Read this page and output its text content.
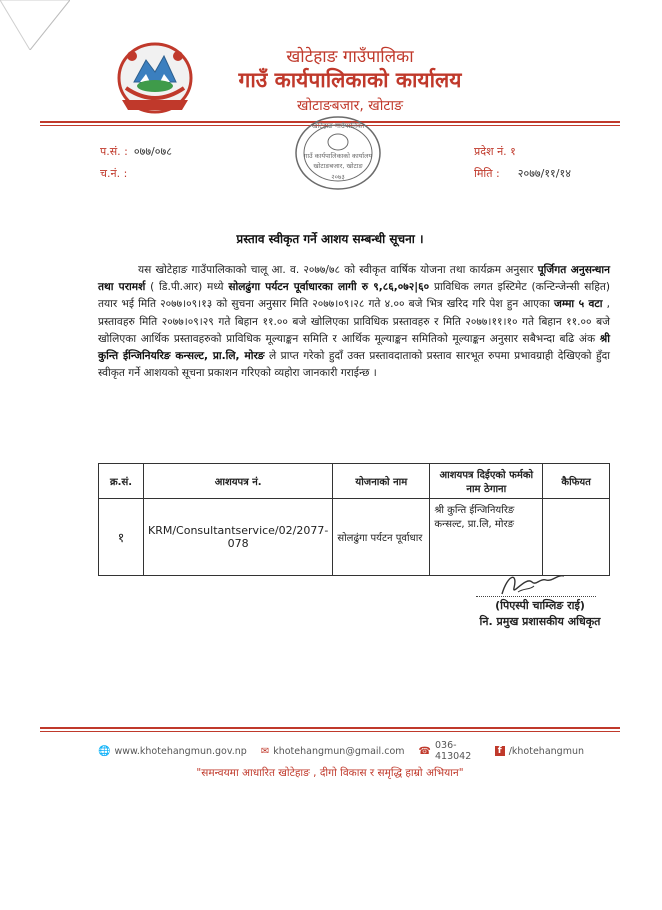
खोटेहाङ गाउँपालिका
गाउँ कार्यपालिकाको कार्यालय
खोटाङबजार, खोटाङ
प.सं. : ०७७/०७८
च.नं. :
प्रदेश नं. १
मिति : २०७७/११/१४
खोटेहाङ गाउँपालिका
गाउँ कार्यपालिकाको कार्यालय
खोटाङबजार, खोटाङ
२०७३
प्रस्ताव स्वीकृत गर्ने आशय सम्बन्धी सूचना ।
यस खोटेहाङ गाउँपालिकाको चालू आ. व. २०७७/७८ को स्वीकृत वार्षिक योजना तथा कार्यक्रम अनुसार पूर्जिगत अनुसन्धान तथा परामर्श ( डि.पी.आर) मध्ये सोलढुंगा पर्यटन पूर्वाधारका लागी रु ९,८६,०७२|६० प्राविधिक लगत इस्टिमेट (कन्टिन्जेन्सी सहित) तयार भई मिति २०७७।०९।१३ को सुचना अनुसार मिति २०७७।०९।२८ गते ४.०० बजे भित्र खरिद गरि पेश हुन आएका जम्मा ५ वटा , प्रस्तावहरु मिति २०७७।०९।२९ गते बिहान ११.०० बजे खोलिएका प्राविधिक प्रस्तावहरु र मिति २०७७।११।१० गते बिहान ११.०० बजे खोलिएका आर्थिक प्रस्तावहरुको प्राविधिक मूल्याङ्कन समिति र आर्थिक मूल्याङ्कन समितिको मूल्याङ्कन अनुसार सबैभन्दा बढि अंक श्री कुन्ति ईन्जिनियरिङ कन्सल्ट, प्रा.लि, मोरङ ले प्राप्त गरेको हुदाँ उक्त प्रस्तावदाताको प्रस्ताव सारभूत रुपमा प्रभावग्राही देखिएको हुँदा स्वीकृत गर्ने आशयको सूचना प्रकाशन गरिएको व्यहोरा जानकारी गराईन्छ ।
क्र.सं.	आशयपत्र नं.	योजनाको नाम	आशयपत्र दिईएको फर्मको नाम ठेगाना	कैफियत
१	KRM/Consultantservice/02/2077-078	सोलढुंगा पर्यटन पूर्वाधार	श्री कुन्ति ईन्जिनियरिङ कन्सल्ट, प्रा.लि, मोरङ	
(पिएस्पी चाम्लिङ राई)
नि. प्रमुख प्रशासकीय अधिकृत
🌐 www.khotehangmun.gov.np ✉ khotehangmun@gmail.com ☎ 036-413042	f /khotehangmun
"समन्वयमा आधारित खोटेहाङ , दीगो विकास र समृद्धि हाम्रो अभियान"
